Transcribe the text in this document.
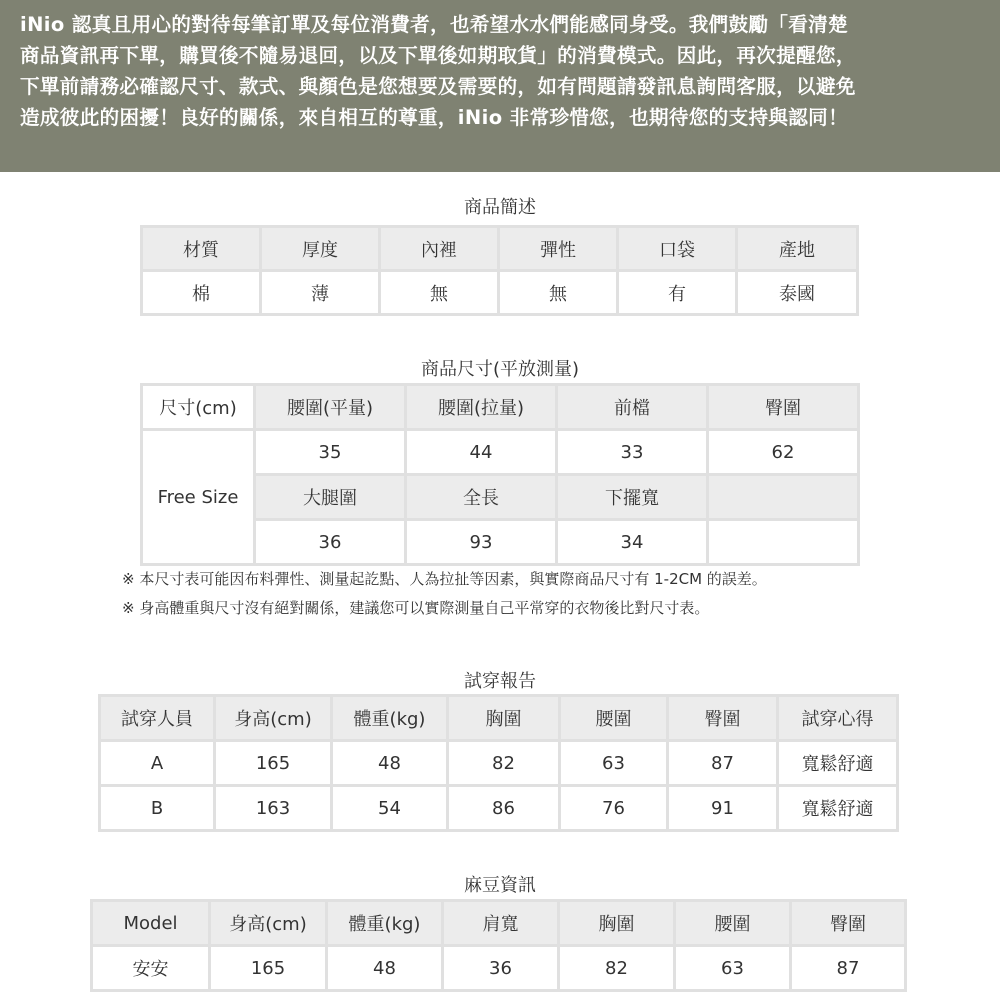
iNio 認真且用心的對待每筆訂單及每位消費者，也希望水水們能感同身受。我們鼓勵「看清楚
商品資訊再下單，購買後不隨易退回，以及下單後如期取貨」的消費模式。因此，再次提醒您，
下單前請務必確認尺寸、款式、與顏色是您想要及需要的，如有問題請發訊息詢問客服，以避免
造成彼此的困擾！良好的關係，來自相互的尊重，iNio 非常珍惜您，也期待您的支持與認同！
商品簡述
材質	厚度	內裡	彈性	口袋	產地
棉	薄	無	無	有	泰國
商品尺寸(平放測量)
尺寸(cm)	腰圍(平量)	腰圍(拉量)	前檔	臀圍
Free Size	35	44	33	62
	大腿圍	全長	下擺寬	
	36	93	34	
※ 本尺寸表可能因布料彈性、測量起訖點、人為拉扯等因素，與實際商品尺寸有 1-2CM 的誤差。
※ 身高體重與尺寸沒有絕對關係，建議您可以實際測量自己平常穿的衣物後比對尺寸表。
試穿報告
試穿人員	身高(cm)	體重(kg)	胸圍	腰圍	臀圍	試穿心得
A	165	48	82	63	87	寬鬆舒適
B	163	54	86	76	91	寬鬆舒適
麻豆資訊
Model	身高(cm)	體重(kg)	肩寬	胸圍	腰圍	臀圍
安安	165	48	36	82	63	87
